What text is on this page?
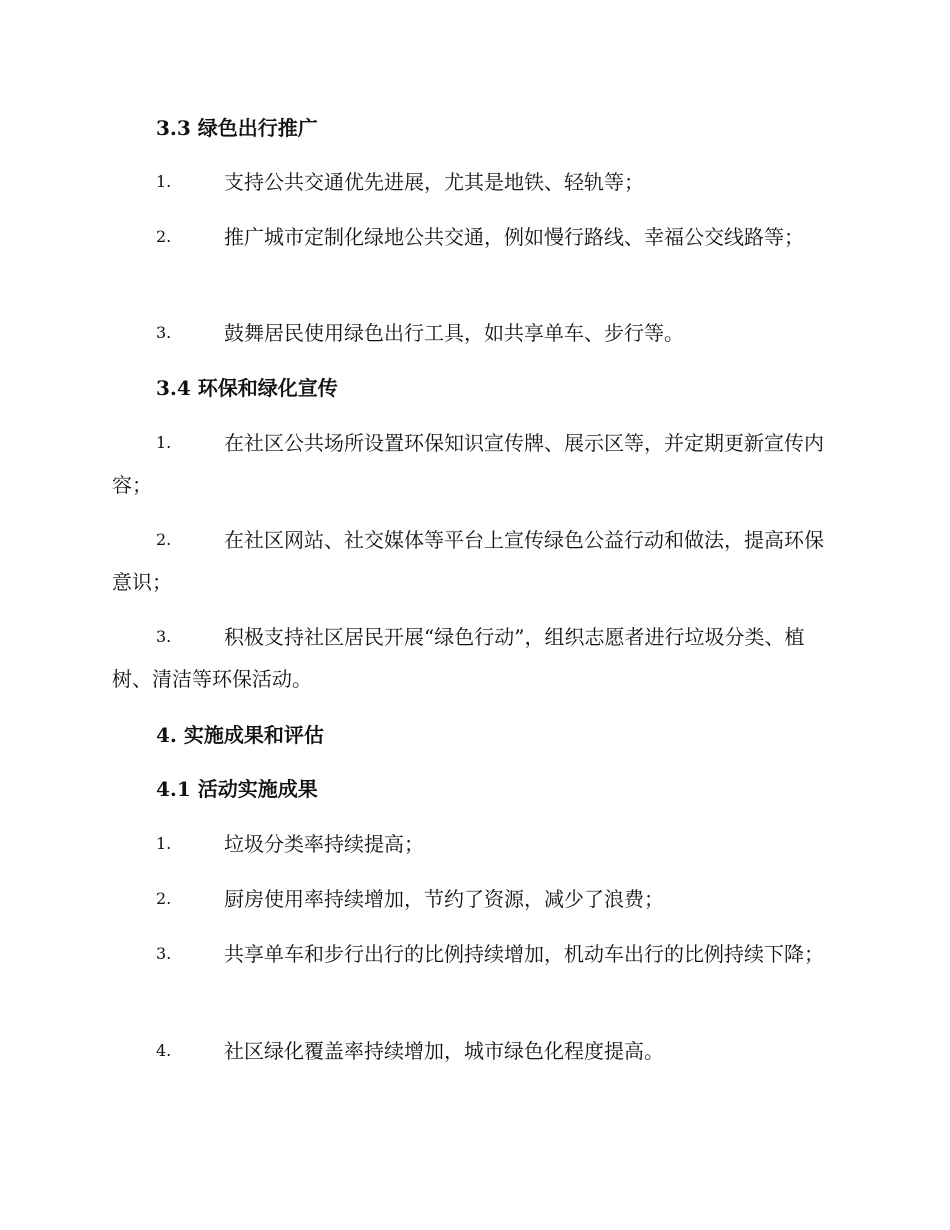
3.3 绿色出行推广
1.	支持公共交通优先进展，尤其是地铁、轻轨等；

2.	推广城市定制化绿地公共交通，例如慢行路线、幸福公交线路等；

3.	鼓舞居民使用绿色出行工具，如共享单车、步行等。

3.4 环保和绿化宣传
1.	在社区公共场所设置环保知识宣传牌、展示区等，并定期更新宣传内容；

2.	在社区网站、社交媒体等平台上宣传绿色公益行动和做法，提高环保意识；

3.	积极支持社区居民开展“绿色行动”，组织志愿者进行垃圾分类、植树、清洁等环保活动。

4. 实施成果和评估
4.1 活动实施成果
1.	垃圾分类率持续提高；

2.	厨房使用率持续增加，节约了资源，减少了浪费；

3.	共享单车和步行出行的比例持续增加，机动车出行的比例持续下降；

4.	社区绿化覆盖率持续增加，城市绿色化程度提高。
